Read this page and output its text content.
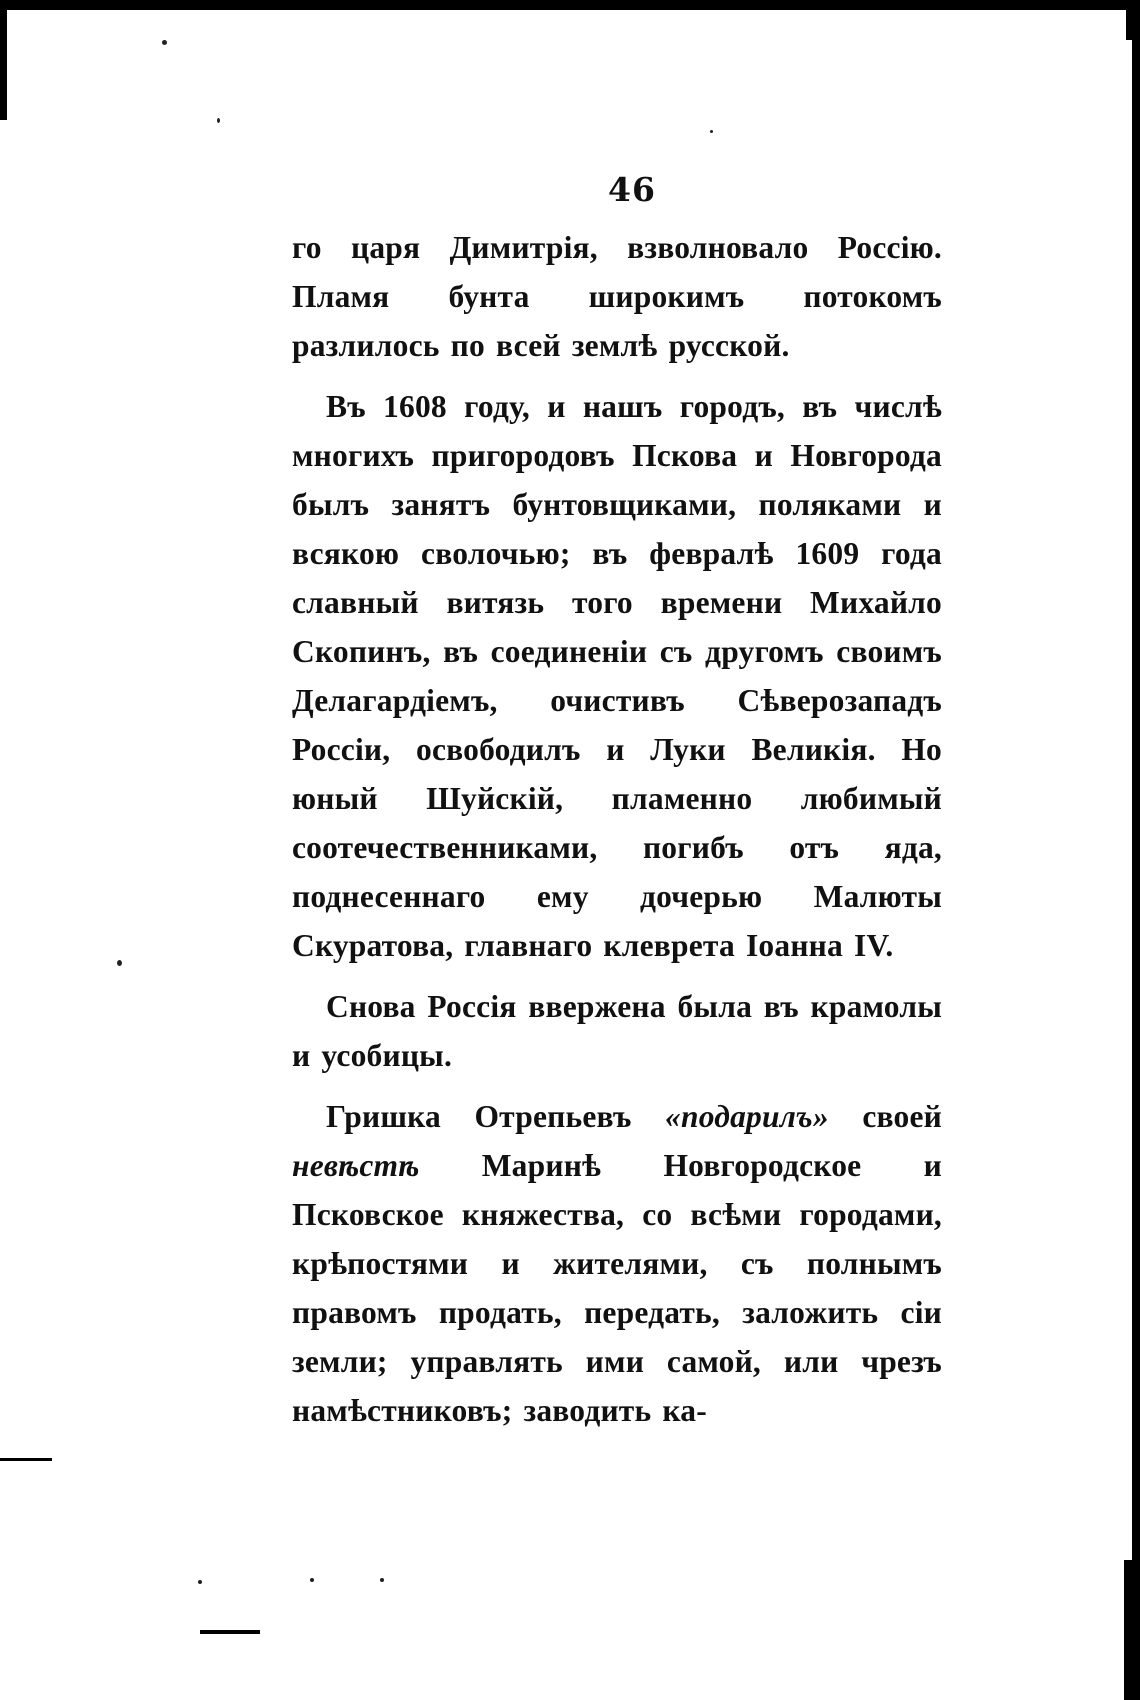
46

го царя Димитрія, взволновало Россію. Пламя бунта широкимъ потокомъ разлилось по всей землѣ русской.

Въ 1608 году, и нашъ городъ, въ числѣ многихъ пригородовъ Пскова и Новгорода былъ занятъ бунтовщиками, поляками и всякою сволочью; въ февралѣ 1609 года славный витязь того времени Михайло Скопинъ, въ соединеніи съ другомъ своимъ Делагардіемъ, очистивъ Сѣверозападъ Россіи, освободилъ и Луки Великія. Но юный Шуйскій, пламенно любимый соотечественниками, погибъ отъ яда, поднесеннаго ему дочерью Малюты Скуратова, главнаго клеврета Іоанна IV.

Снова Россія ввержена была въ крамолы и усобицы.

Гришка Отрепьевъ «подарилъ» своей невѣстѣ Маринѣ Новгородское и Псковское княжества, со всѣми городами, крѣпостями и жителями, съ полнымъ правомъ продать, передать, заложить сіи земли; управлять ими самой, или чрезъ намѣстниковъ; заводить ка-
